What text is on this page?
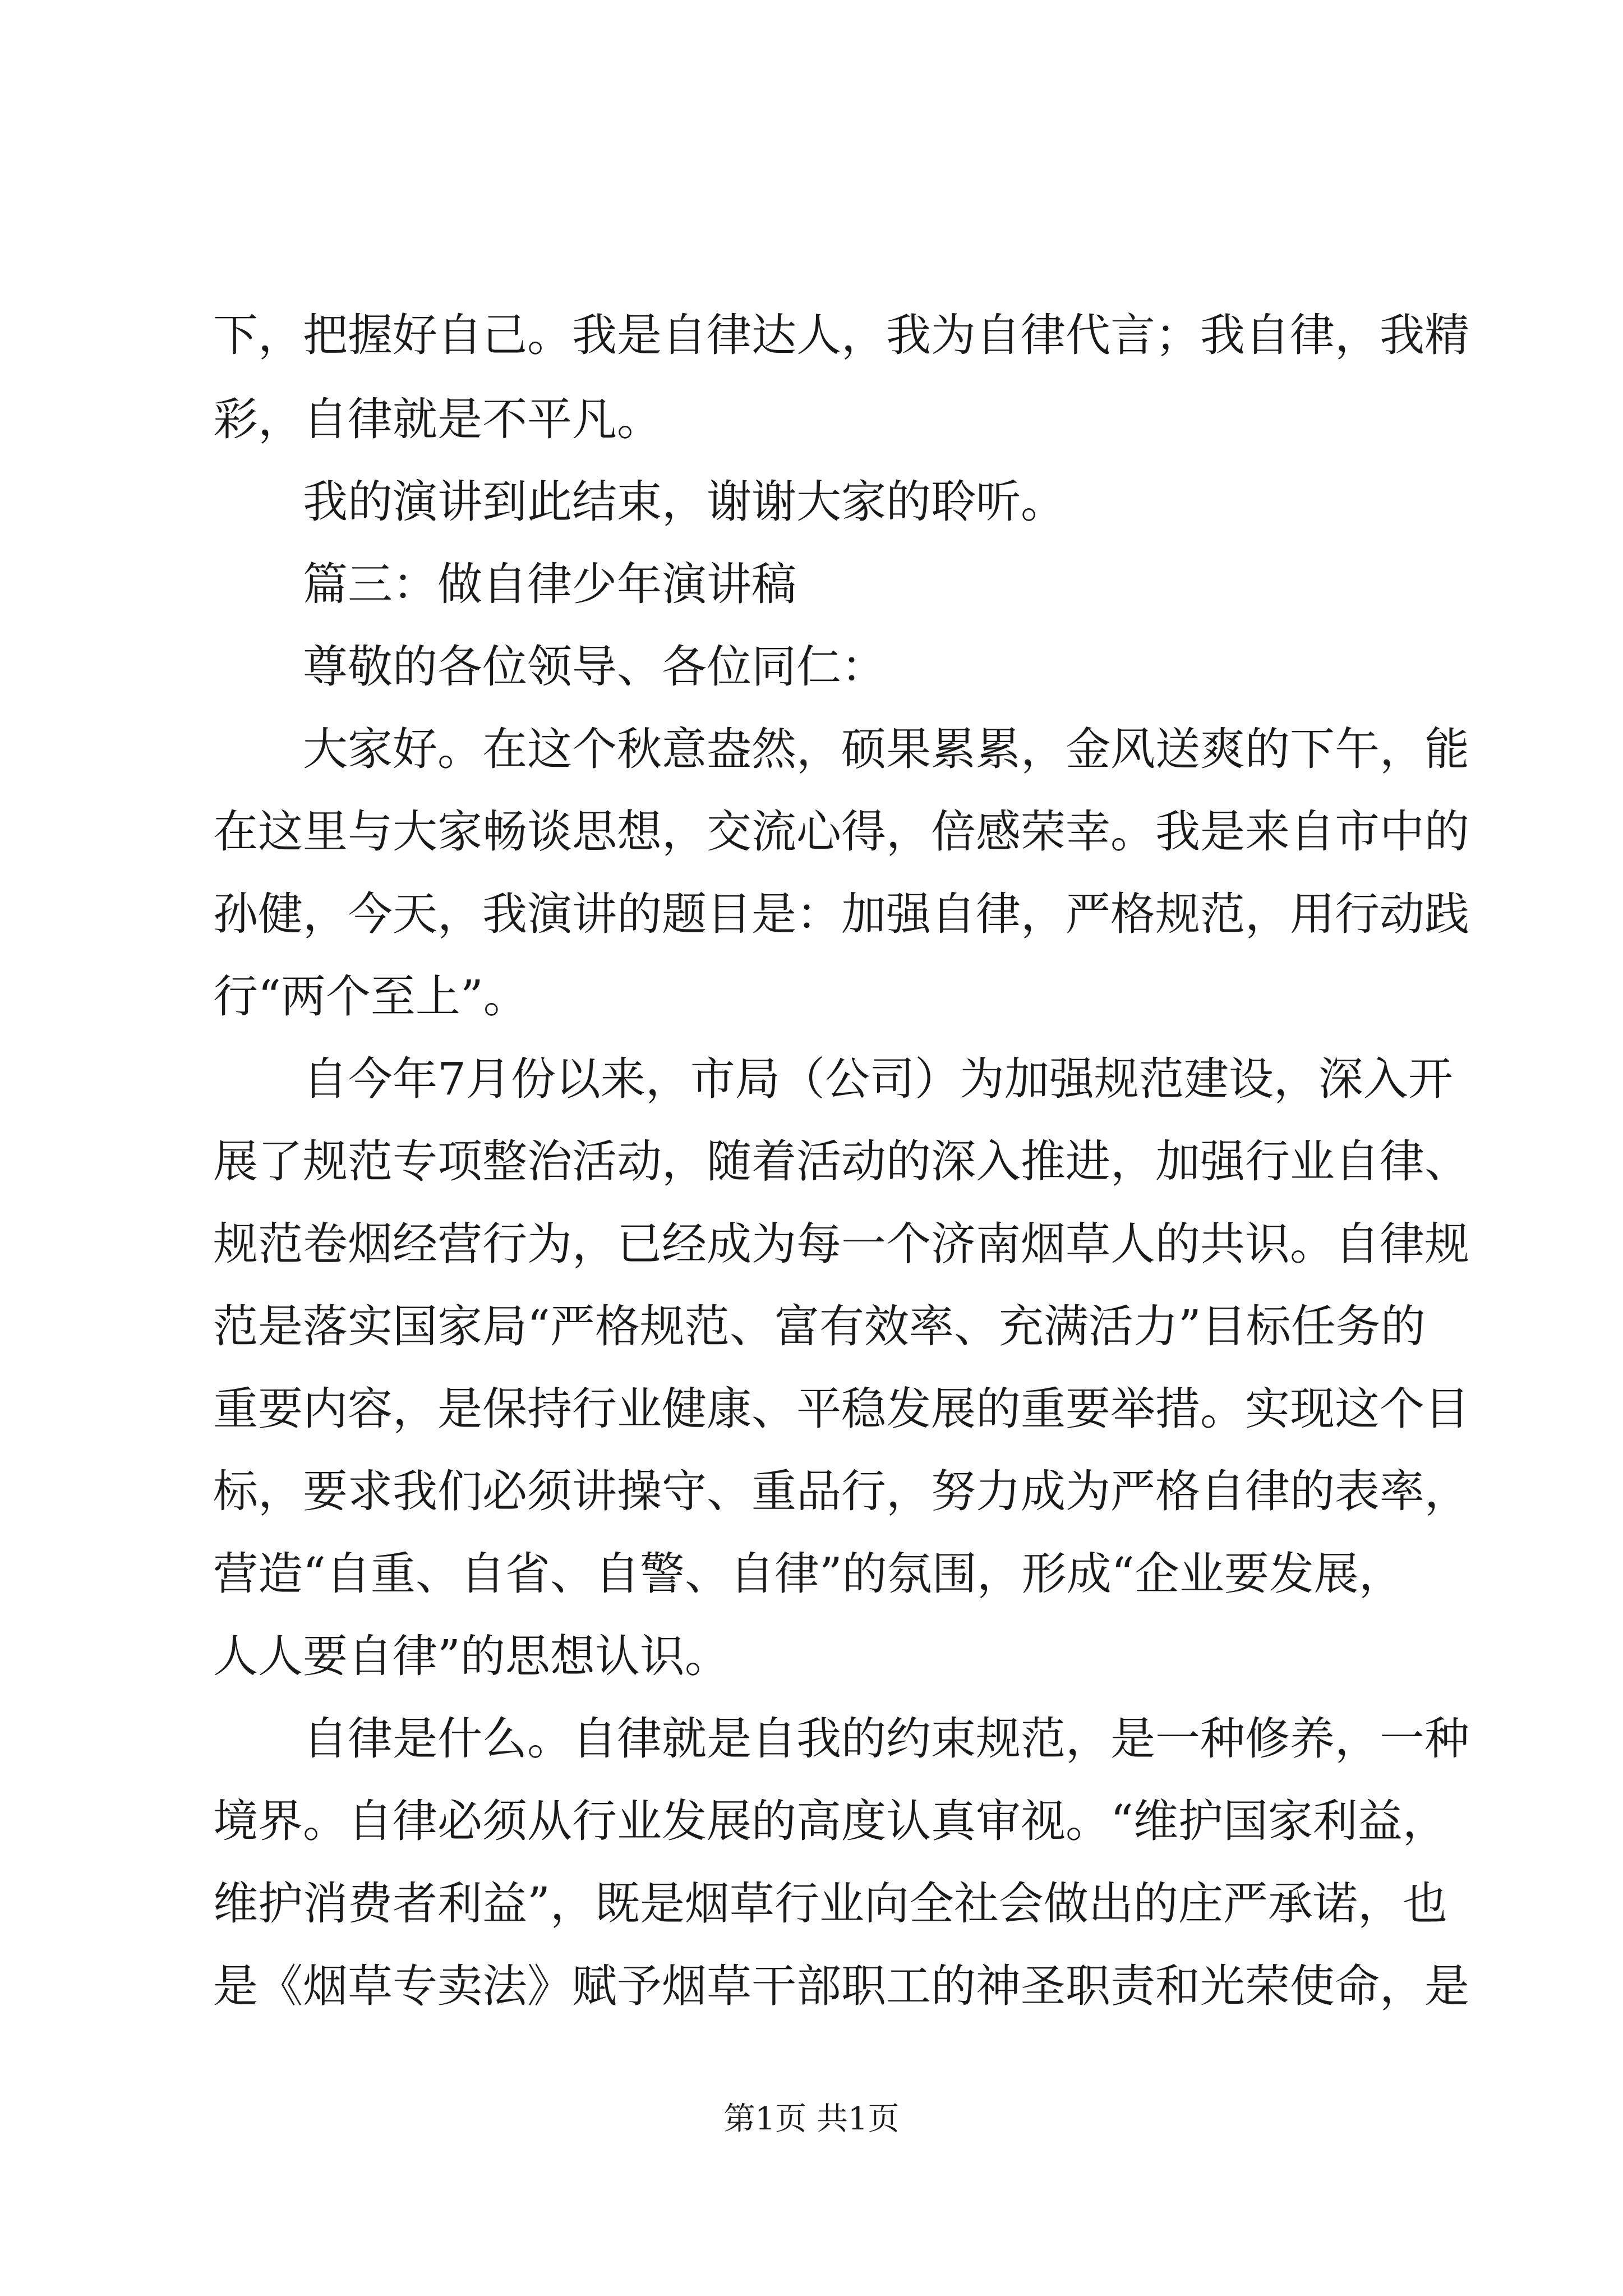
下，把握好自己。我是自律达人，我为自律代言；我自律，我精
彩，自律就是不平凡。
我的演讲到此结束，谢谢大家的聆听。
篇三：做自律少年演讲稿
尊敬的各位领导、各位同仁：
大家好。在这个秋意盎然，硕果累累，金风送爽的下午，能
在这里与大家畅谈思想，交流心得，倍感荣幸。我是来自市中的
孙健，今天，我演讲的题目是：加强自律，严格规范，用行动践
行“两个至上”。
自今年7月份以来，市局（公司）为加强规范建设，深入开
展了规范专项整治活动，随着活动的深入推进，加强行业自律、
规范卷烟经营行为，已经成为每一个济南烟草人的共识。自律规
范是落实国家局“严格规范、富有效率、充满活力”目标任务的
重要内容，是保持行业健康、平稳发展的重要举措。实现这个目
标，要求我们必须讲操守、重品行，努力成为严格自律的表率，
营造“自重、自省、自警、自律”的氛围，形成“企业要发展，
人人要自律”的思想认识。
自律是什么。自律就是自我的约束规范，是一种修养，一种
境界。自律必须从行业发展的高度认真审视。“维护国家利益，
维护消费者利益”，既是烟草行业向全社会做出的庄严承诺，也
是《烟草专卖法》赋予烟草干部职工的神圣职责和光荣使命，是
第1页 共1页
